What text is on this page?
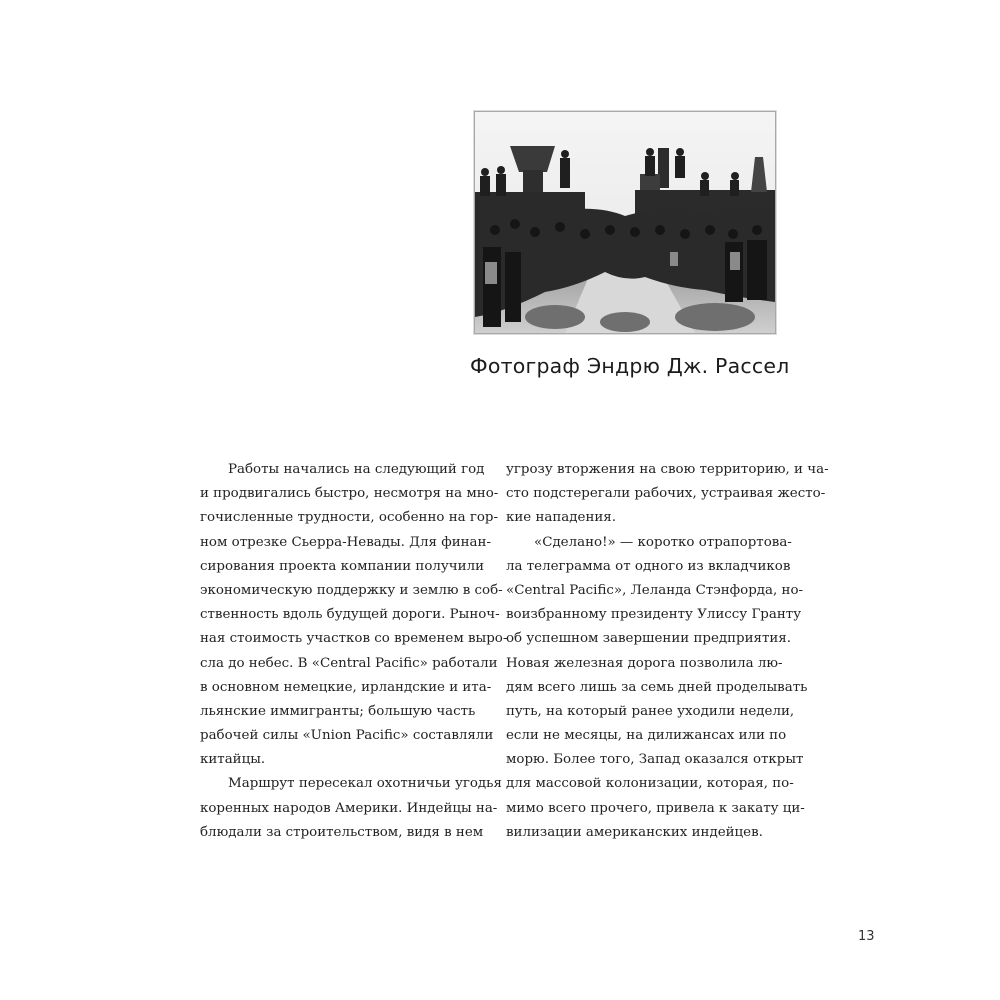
Фотограф Эндрю Дж. Рассел
Работы начались на следующий год
и продвигались быстро, несмотря на мно-
гочисленные трудности, особенно на гор-
ном отрезке Сьерра-Невады. Для финан-
сирования проекта компании получили
экономическую поддержку и землю в соб-
ственность вдоль будущей дороги. Рыноч-
ная стоимость участков со временем выро-
сла до небес. В «Central Pacific» работали
в основном немецкие, ирландские и ита-
льянские иммигранты; большую часть
рабочей силы «Union Pacific» составляли
китайцы.
Маршрут пересекал охотничьи угодья
коренных народов Америки. Индейцы на-
блюдали за строительством, видя в нем
угрозу вторжения на свою территорию, и ча-
сто подстерегали рабочих, устраивая жесто-
кие нападения.
«Сделано!» — коротко отрапортова-
ла телеграмма от одного из вкладчиков
«Central Pacific», Леланда Стэнфорда, но-
воизбранному президенту Улиссу Гранту
об успешном завершении предприятия.
Новая железная дорога позволила лю-
дям всего лишь за семь дней проделывать
путь, на который ранее уходили недели,
если не месяцы, на дилижансах или по
морю. Более того, Запад оказался открыт
для массовой колонизации, которая, по-
мимо всего прочего, привела к закату ци-
вилизации американских индейцев.
13
